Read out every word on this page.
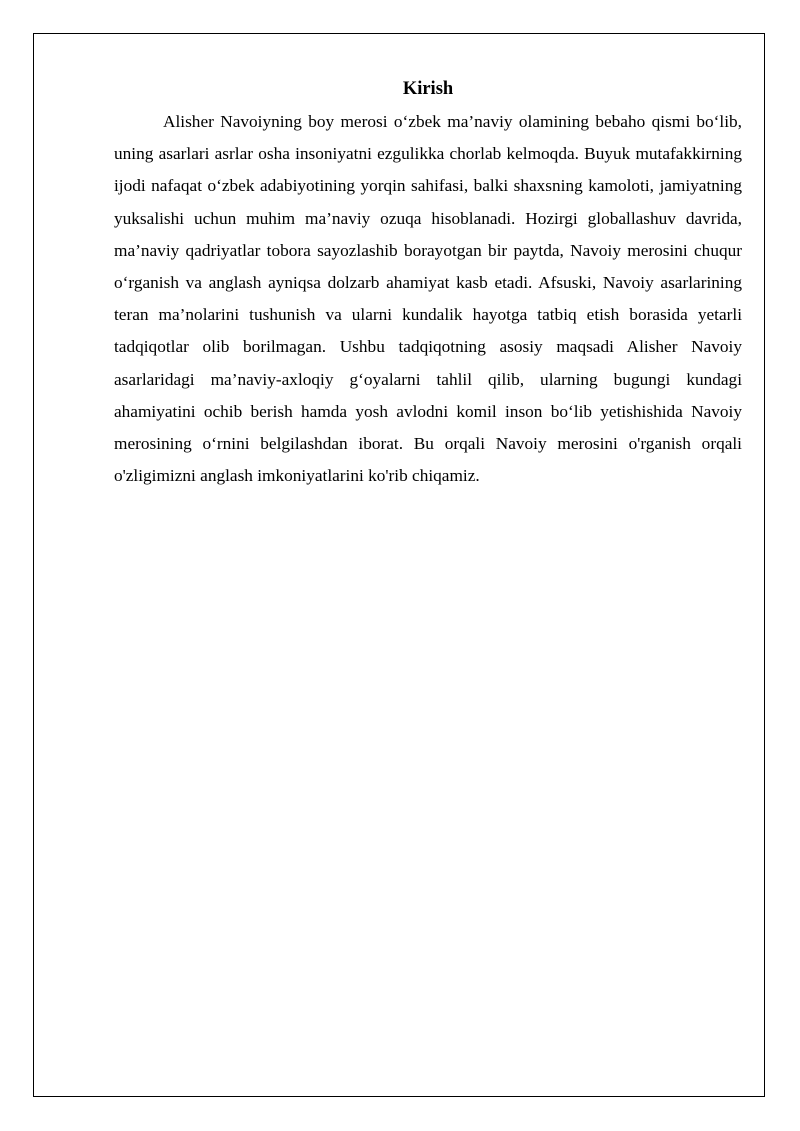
Kirish

Alisher Navoiyning boy merosi o‘zbek ma’naviy olamining bebaho qismi bo‘lib, uning asarlari asrlar osha insoniyatni ezgulikka chorlab kelmoqda. Buyuk mutafakkirning ijodi nafaqat o‘zbek adabiyotining yorqin sahifasi, balki shaxsning kamoloti, jamiyatning yuksalishi uchun muhim ma’naviy ozuqa hisoblanadi. Hozirgi globallashuv davrida, ma’naviy qadriyatlar tobora sayozlashib borayotgan bir paytda, Navoiy merosini chuqur o‘rganish va anglash ayniqsa dolzarb ahamiyat kasb etadi. Afsuski, Navoiy asarlarining teran ma’nolarini tushunish va ularni kundalik hayotga tatbiq etish borasida yetarli tadqiqotlar olib borilmagan. Ushbu tadqiqotning asosiy maqsadi Alisher Navoiy asarlaridagi ma’naviy-axloqiy g‘oyalarni tahlil qilib, ularning bugungi kundagi ahamiyatini ochib berish hamda yosh avlodni komil inson bo‘lib yetishishida Navoiy merosining o‘rnini belgilashdan iborat. Bu orqali Navoiy merosini o'rganish orqali o'zligimizni anglash imkoniyatlarini ko'rib chiqamiz.
